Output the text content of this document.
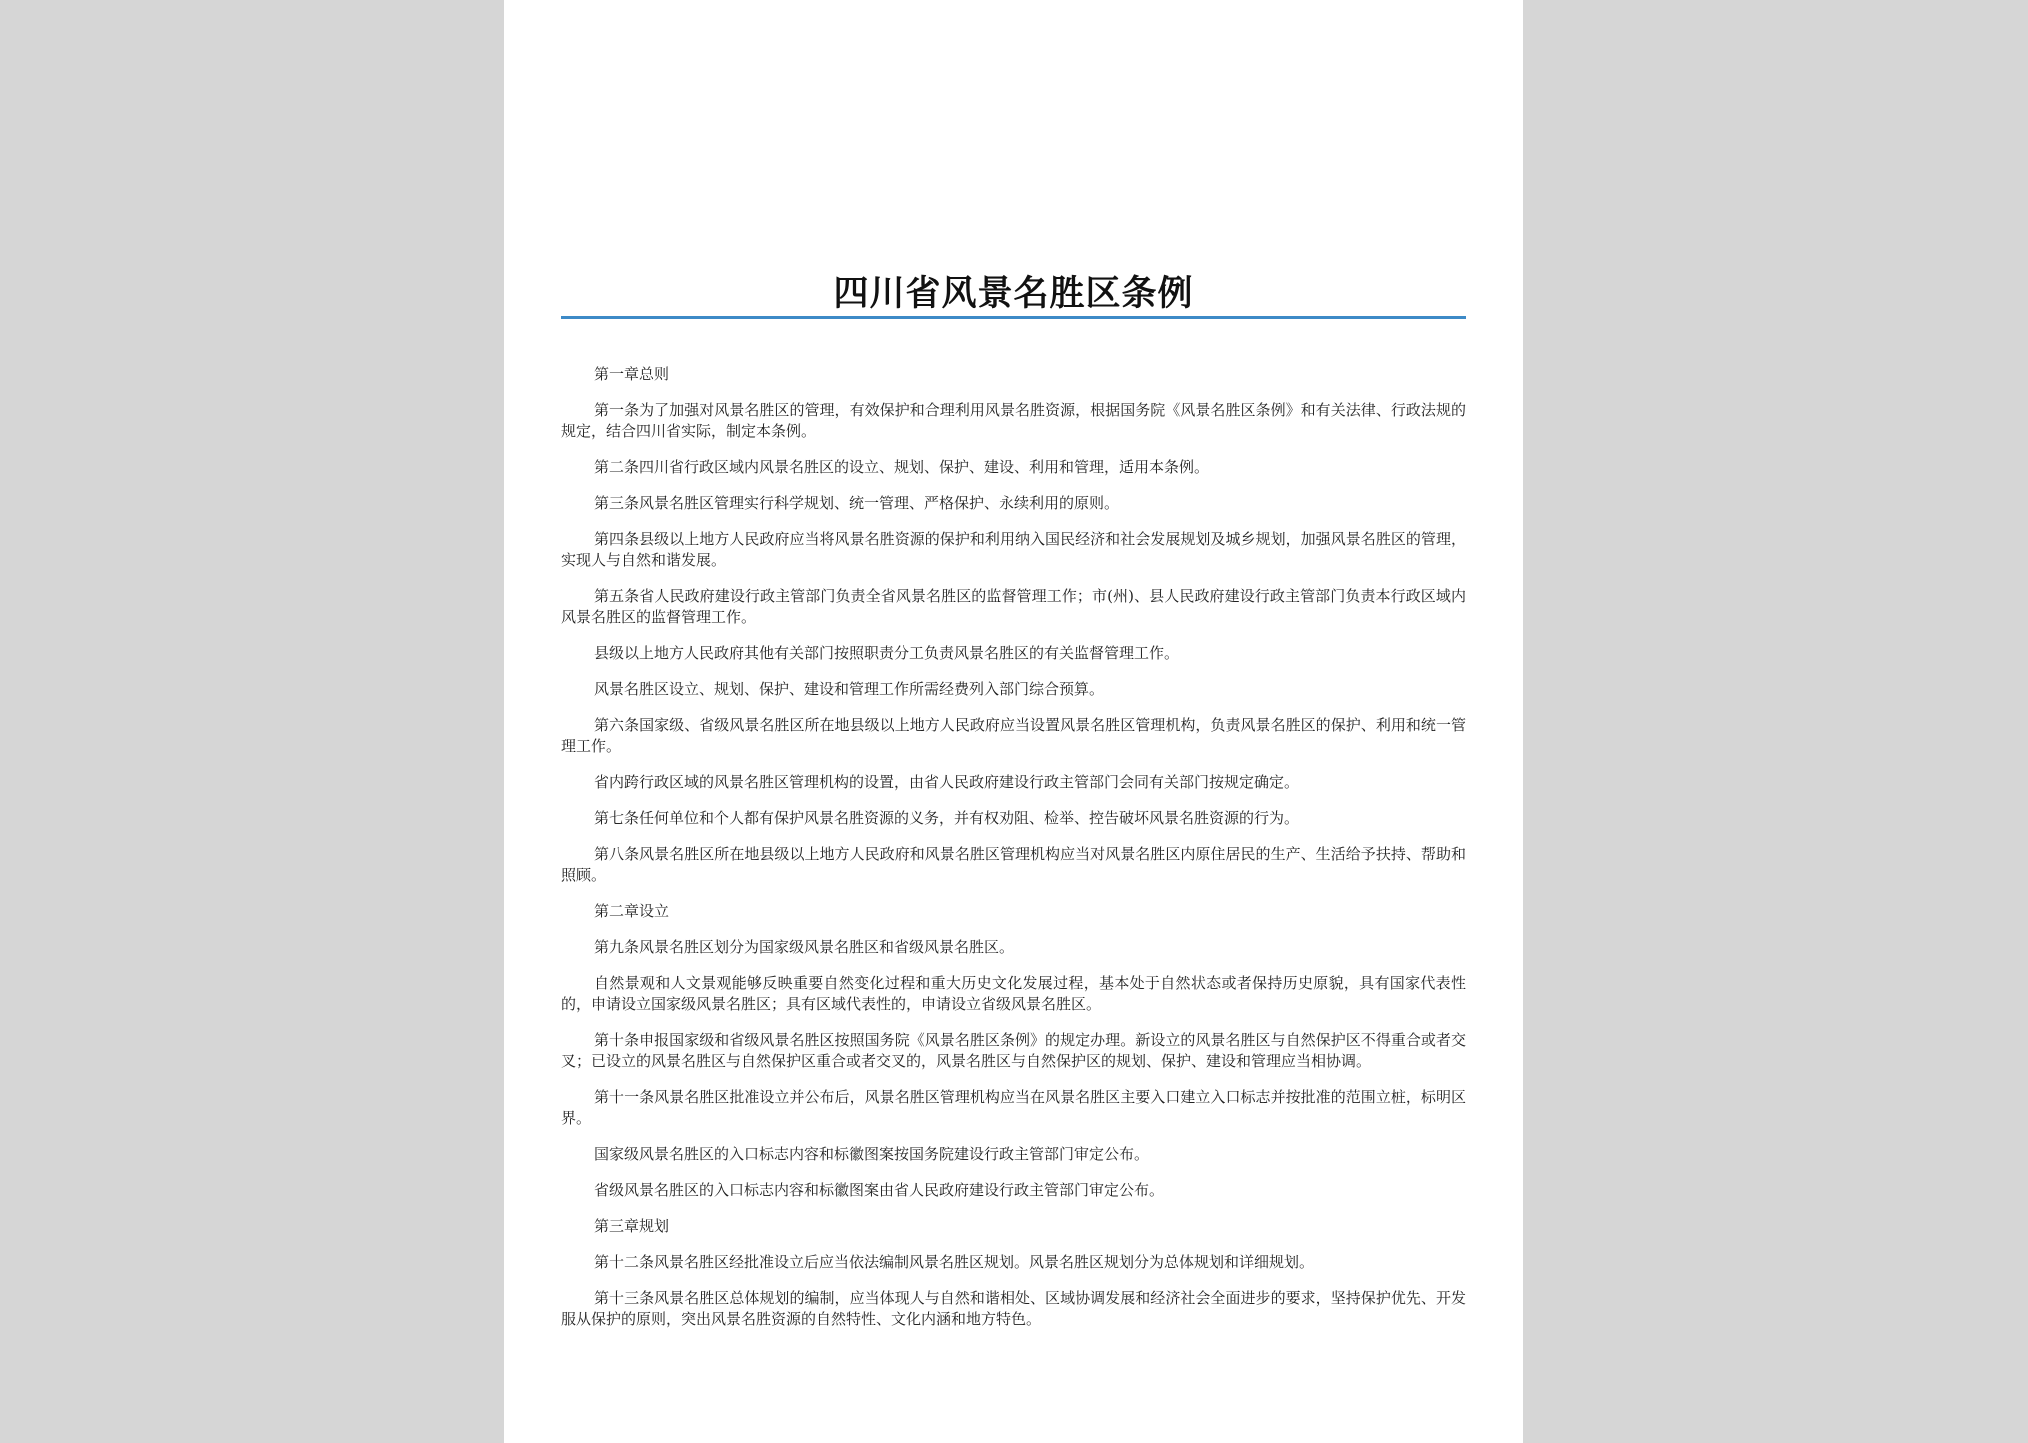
四川省风景名胜区条例

第一章总则

第一条为了加强对风景名胜区的管理，有效保护和合理利用风景名胜资源，根据国务院《风景名胜区条例》和有关法律、行政法规的规定，结合四川省实际，制定本条例。

第二条四川省行政区域内风景名胜区的设立、规划、保护、建设、利用和管理，适用本条例。

第三条风景名胜区管理实行科学规划、统一管理、严格保护、永续利用的原则。

第四条县级以上地方人民政府应当将风景名胜资源的保护和利用纳入国民经济和社会发展规划及城乡规划，加强风景名胜区的管理，实现人与自然和谐发展。

第五条省人民政府建设行政主管部门负责全省风景名胜区的监督管理工作；市(州)、县人民政府建设行政主管部门负责本行政区域内风景名胜区的监督管理工作。

县级以上地方人民政府其他有关部门按照职责分工负责风景名胜区的有关监督管理工作。

风景名胜区设立、规划、保护、建设和管理工作所需经费列入部门综合预算。

第六条国家级、省级风景名胜区所在地县级以上地方人民政府应当设置风景名胜区管理机构，负责风景名胜区的保护、利用和统一管理工作。

省内跨行政区域的风景名胜区管理机构的设置，由省人民政府建设行政主管部门会同有关部门按规定确定。

第七条任何单位和个人都有保护风景名胜资源的义务，并有权劝阻、检举、控告破坏风景名胜资源的行为。

第八条风景名胜区所在地县级以上地方人民政府和风景名胜区管理机构应当对风景名胜区内原住居民的生产、生活给予扶持、帮助和照顾。

第二章设立

第九条风景名胜区划分为国家级风景名胜区和省级风景名胜区。

自然景观和人文景观能够反映重要自然变化过程和重大历史文化发展过程，基本处于自然状态或者保持历史原貌，具有国家代表性的，申请设立国家级风景名胜区；具有区域代表性的，申请设立省级风景名胜区。

第十条申报国家级和省级风景名胜区按照国务院《风景名胜区条例》的规定办理。新设立的风景名胜区与自然保护区不得重合或者交叉；已设立的风景名胜区与自然保护区重合或者交叉的，风景名胜区与自然保护区的规划、保护、建设和管理应当相协调。

第十一条风景名胜区批准设立并公布后，风景名胜区管理机构应当在风景名胜区主要入口建立入口标志并按批准的范围立桩，标明区界。

国家级风景名胜区的入口标志内容和标徽图案按国务院建设行政主管部门审定公布。

省级风景名胜区的入口标志内容和标徽图案由省人民政府建设行政主管部门审定公布。

第三章规划

第十二条风景名胜区经批准设立后应当依法编制风景名胜区规划。风景名胜区规划分为总体规划和详细规划。

第十三条风景名胜区总体规划的编制，应当体现人与自然和谐相处、区域协调发展和经济社会全面进步的要求，坚持保护优先、开发服从保护的原则，突出风景名胜资源的自然特性、文化内涵和地方特色。
